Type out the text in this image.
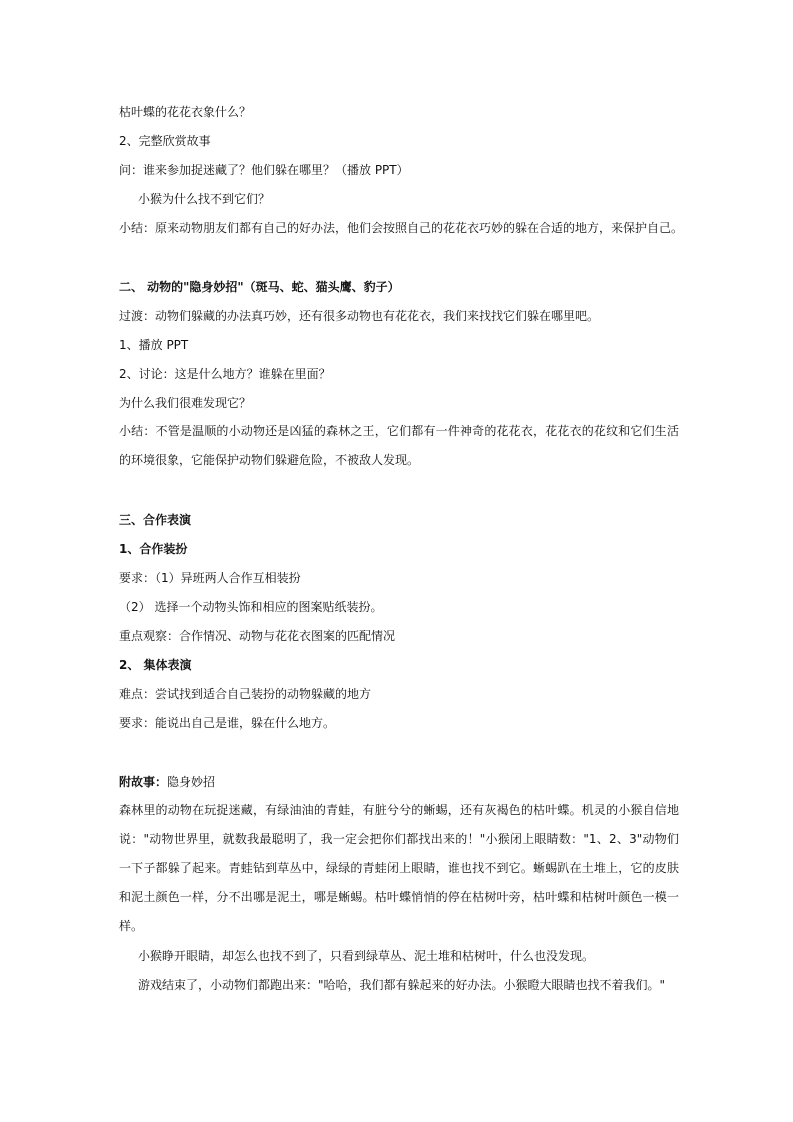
枯叶蝶的花花衣象什么？

2、完整欣赏故事

问：谁来参加捉迷藏了？他们躲在哪里？（播放 PPT）

小猴为什么找不到它们？

小结：原来动物朋友们都有自己的好办法，他们会按照自己的花花衣巧妙的躲在合适的地方，来保护自己。

二、 动物的"隐身妙招"（斑马、蛇、猫头鹰、豹子）

过渡：动物们躲藏的办法真巧妙，还有很多动物也有花花衣，我们来找找它们躲在哪里吧。

1、播放 PPT

2、讨论：这是什么地方？谁躲在里面？

为什么我们很难发现它？

小结：不管是温顺的小动物还是凶猛的森林之王，它们都有一件神奇的花花衣，花花衣的花纹和它们生活的环境很象，它能保护动物们躲避危险，不被敌人发现。

三、合作表演

1、合作装扮

要求：（1）异班两人合作互相装扮

（2） 选择一个动物头饰和相应的图案贴纸装扮。

重点观察：合作情况、动物与花花衣图案的匹配情况

2、 集体表演

难点：尝试找到适合自己装扮的动物躲藏的地方

要求：能说出自己是谁，躲在什么地方。

附故事：隐身妙招

森林里的动物在玩捉迷藏，有绿油油的青蛙，有脏兮兮的蜥蜴，还有灰褐色的枯叶蝶。机灵的小猴自信地说："动物世界里，就数我最聪明了，我一定会把你们都找出来的！"小猴闭上眼睛数："1、2、3"动物们一下子都躲了起来。青蛙钻到草丛中，绿绿的青蛙闭上眼睛，谁也找不到它。蜥蜴趴在土堆上，它的皮肤和泥土颜色一样，分不出哪是泥土，哪是蜥蜴。枯叶蝶悄悄的停在枯树叶旁，枯叶蝶和枯树叶颜色一模一样。

小猴睁开眼睛，却怎么也找不到了，只看到绿草丛、泥土堆和枯树叶，什么也没发现。

游戏结束了，小动物们都跑出来："哈哈，我们都有躲起来的好办法。小猴瞪大眼睛也找不着我们。"
